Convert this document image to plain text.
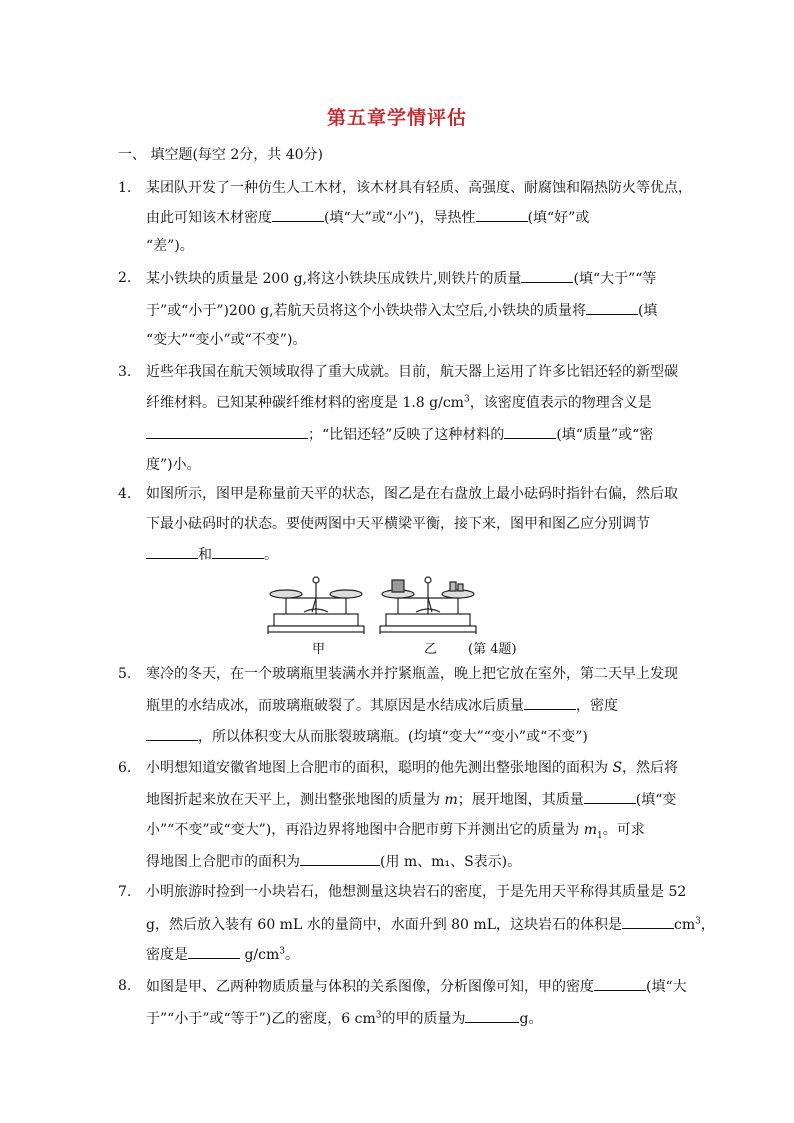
第五章学情评估
一、 填空题(每空 2分，共 40分)
1. 某团队开发了一种仿生人工木材，该木材具有轻质、高强度、耐腐蚀和隔热防火等优点，
由此可知该木材密度	(填“大”或“小”)，导热性	(填“好”或
“差”)。
2. 某小铁块的质量是 200 g,将这小铁块压成铁片,则铁片的质量	(填“大于”“等
于”或“小于”)200 g,若航天员将这个小铁块带入太空后,小铁块的质量将	(填
“变大”“变小”或“不变”)。
3. 近些年我国在航天领域取得了重大成就。目前，航天器上运用了许多比铝还轻的新型碳
纤维材料。已知某种碳纤维材料的密度是 1.8 $g/cm^3$，该密度值表示的物理含义是
；“比铝还轻”反映了这种材料的	(填“质量”或“密
度”)小。
4. 如图所示，图甲是称量前天平的状态，图乙是在右盘放上最小砝码时指针右偏，然后取
下最小砝码时的状态。要使两图中天平横梁平衡，接下来，图甲和图乙应分别调节
和	。
甲	乙 (第 4题)
5. 寒冷的冬天，在一个玻璃瓶里装满水并拧紧瓶盖，晚上把它放在室外，第二天早上发现
瓶里的水结成冰，而玻璃瓶破裂了。其原因是水结成冰后质量	，密度
，所以体积变大从而胀裂玻璃瓶。(均填“变大”“变小”或“不变”)
6. 小明想知道安徽省地图上合肥市的面积，聪明的他先测出整张地图的面积为 S，然后将
地图折起来放在天平上，测出整张地图的质量为 m；展开地图，其质量	(填“变
小”“不变”或“变大”)，再沿边界将地图中合肥市剪下并测出它的质量为 $m_1$。可求
得地图上合肥市的面积为	(用 m、m₁、S表示)。
7. 小明旅游时捡到一小块岩石，他想测量这块岩石的密度，于是先用天平称得其质量是 52
g，然后放入装有 60 mL 水的量筒中，水面升到 80 mL，这块岩石的体积是	$cm^3$，
密度是	$g/cm^3$。
8. 如图是甲、乙两种物质质量与体积的关系图像，分析图像可知，甲的密度	(填“大
于”“小于”或“等于”)乙的密度，6 $cm^3$的甲的质量为	g。
